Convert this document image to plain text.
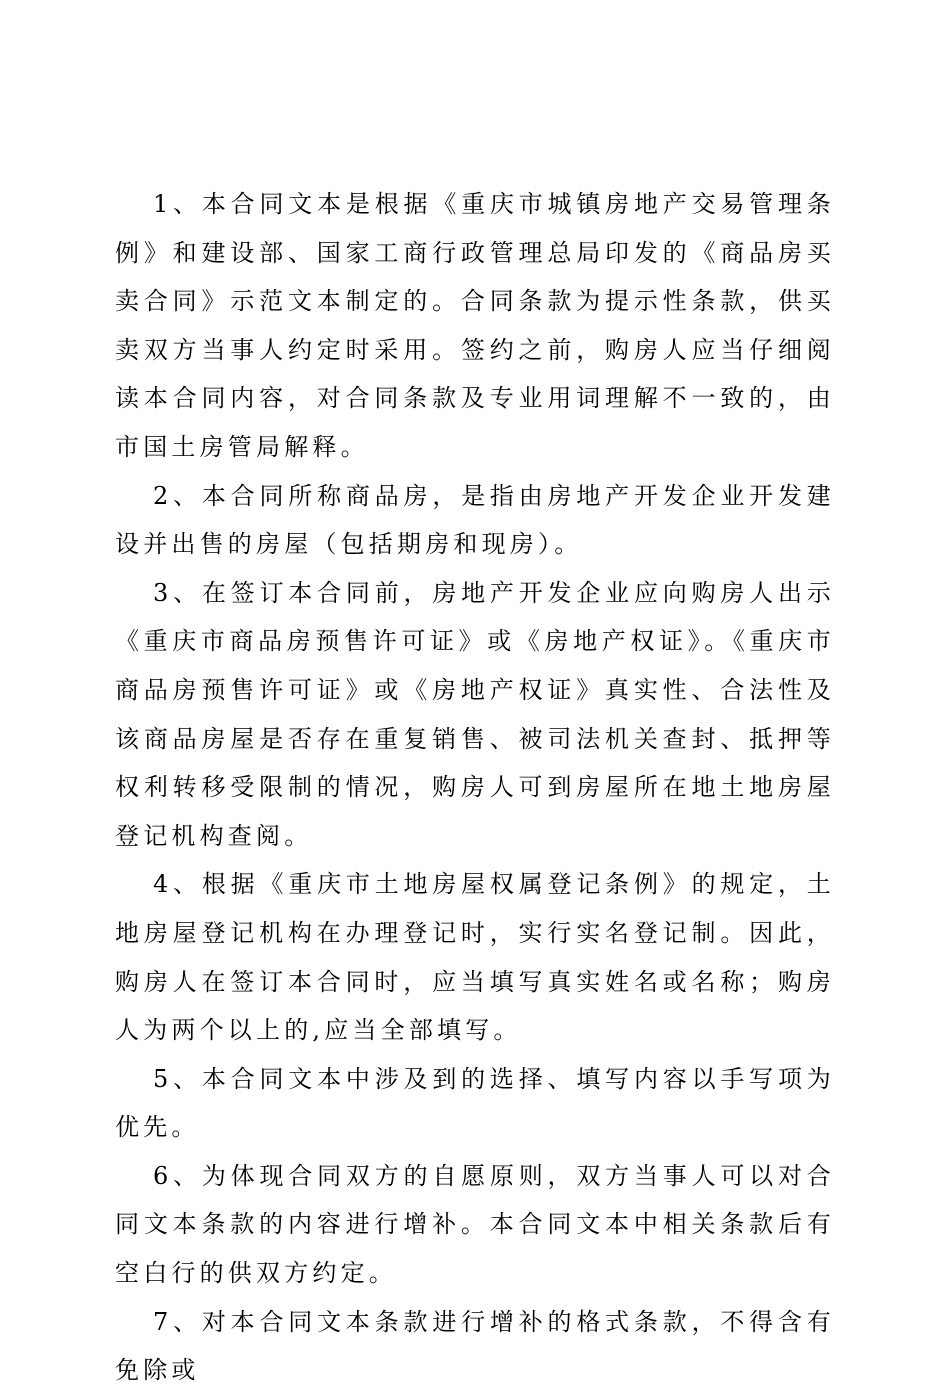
1、本合同文本是根据《重庆市城镇房地产交易管理条例》和建设部、国家工商行政管理总局印发的《商品房买卖合同》示范文本制定的。合同条款为提示性条款，供买卖双方当事人约定时采用。签约之前，购房人应当仔细阅读本合同内容，对合同条款及专业用词理解不一致的，由市国土房管局解释。

2、本合同所称商品房，是指由房地产开发企业开发建设并出售的房屋（包括期房和现房）。

3、在签订本合同前，房地产开发企业应向购房人出示《重庆市商品房预售许可证》或《房地产权证》。《重庆市商品房预售许可证》或《房地产权证》真实性、合法性及该商品房屋是否存在重复销售、被司法机关查封、抵押等权利转移受限制的情况，购房人可到房屋所在地土地房屋登记机构查阅。

4、根据《重庆市土地房屋权属登记条例》的规定，土地房屋登记机构在办理登记时，实行实名登记制。因此，购房人在签订本合同时，应当填写真实姓名或名称；购房人为两个以上的,应当全部填写。

5、本合同文本中涉及到的选择、填写内容以手写项为优先。

6、为体现合同双方的自愿原则，双方当事人可以对合同文本条款的内容进行增补。本合同文本中相关条款后有空白行的供双方约定。

7、对本合同文本条款进行增补的格式条款，不得含有免除或
